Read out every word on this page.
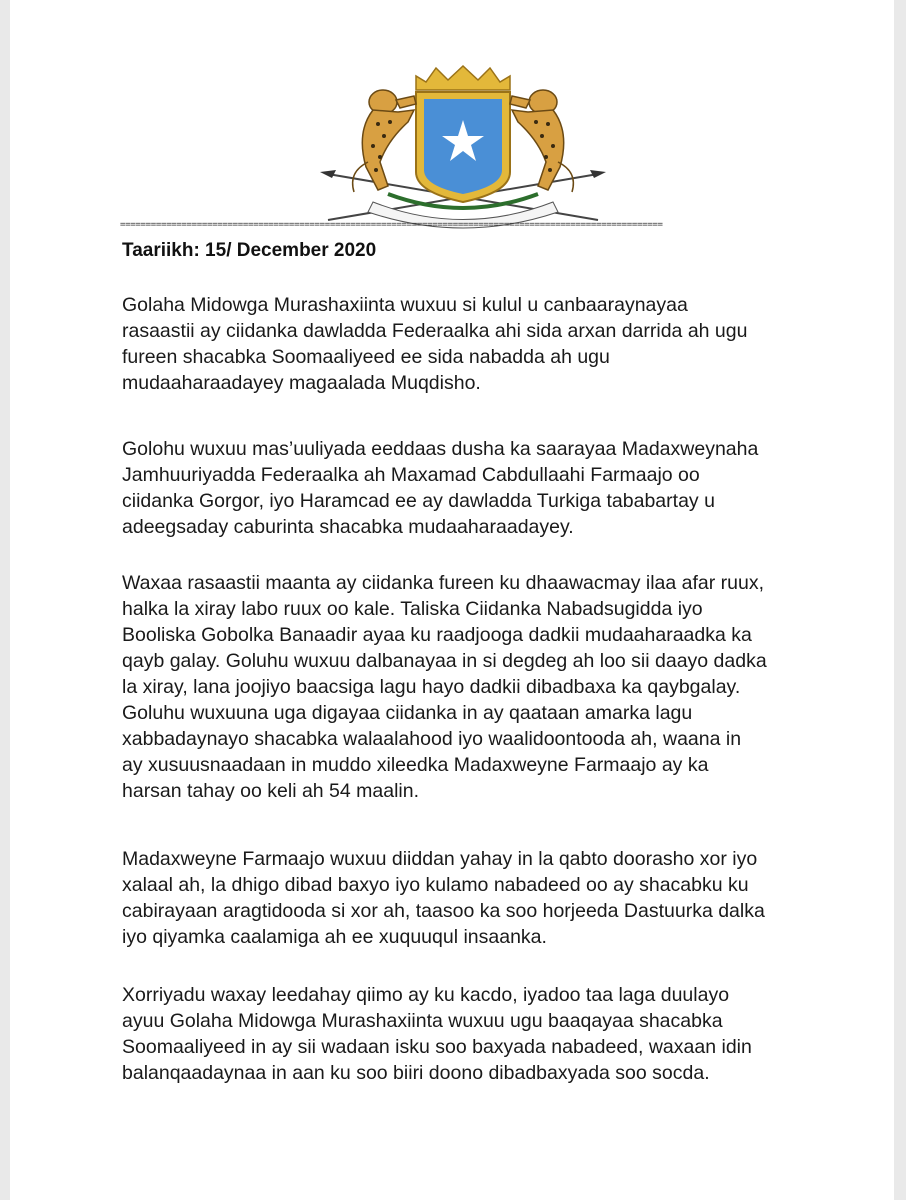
==========================================================================================================
Taariikh: 15/ December 2020
Golaha Midowga Murashaxiinta wuxuu si kulul u canbaaraynayaa
rasaastii ay ciidanka dawladda Federaalka ahi sida arxan darrida ah ugu
fureen shacabka Soomaaliyeed ee sida nabadda ah ugu
mudaaharaadayey magaalada Muqdisho.
Golohu wuxuu mas’uuliyada eeddaas dusha ka saarayaa Madaxweynaha
Jamhuuriyadda Federaalka ah Maxamad Cabdullaahi Farmaajo oo
ciidanka Gorgor, iyo Haramcad ee ay dawladda Turkiga tababartay u
adeegsaday caburinta shacabka mudaaharaadayey.
Waxaa rasaastii maanta ay ciidanka fureen ku dhaawacmay ilaa afar ruux,
halka la xiray labo ruux oo kale. Taliska Ciidanka Nabadsugidda iyo
Booliska Gobolka Banaadir ayaa ku raadjooga dadkii mudaaharaadka ka
qayb galay. Goluhu wuxuu dalbanayaa in si degdeg ah loo sii daayo dadka
la xiray, lana joojiyo baacsiga lagu hayo dadkii dibadbaxa ka qaybgalay.
Goluhu wuxuuna uga digayaa ciidanka in ay qaataan amarka lagu
xabbadaynayo shacabka walaalahood iyo waalidoontooda ah, waana in
ay xusuusnaadaan in muddo xileedka Madaxweyne Farmaajo ay ka
harsan tahay oo keli ah 54 maalin.
Madaxweyne Farmaajo wuxuu diiddan yahay in la qabto doorasho xor iyo
xalaal ah, la dhigo dibad baxyo iyo kulamo nabadeed oo ay shacabku ku
cabirayaan aragtidooda si xor ah, taasoo ka soo horjeeda Dastuurka dalka
iyo qiyamka caalamiga ah ee xuquuqul insaanka.
Xorriyadu waxay leedahay qiimo ay ku kacdo, iyadoo taa laga duulayo
ayuu Golaha Midowga Murashaxiinta wuxuu ugu baaqayaa shacabka
Soomaaliyeed in ay sii wadaan isku soo baxyada nabadeed, waxaan idin
balanqaadaynaa in aan ku soo biiri doono dibadbaxyada soo socda.
